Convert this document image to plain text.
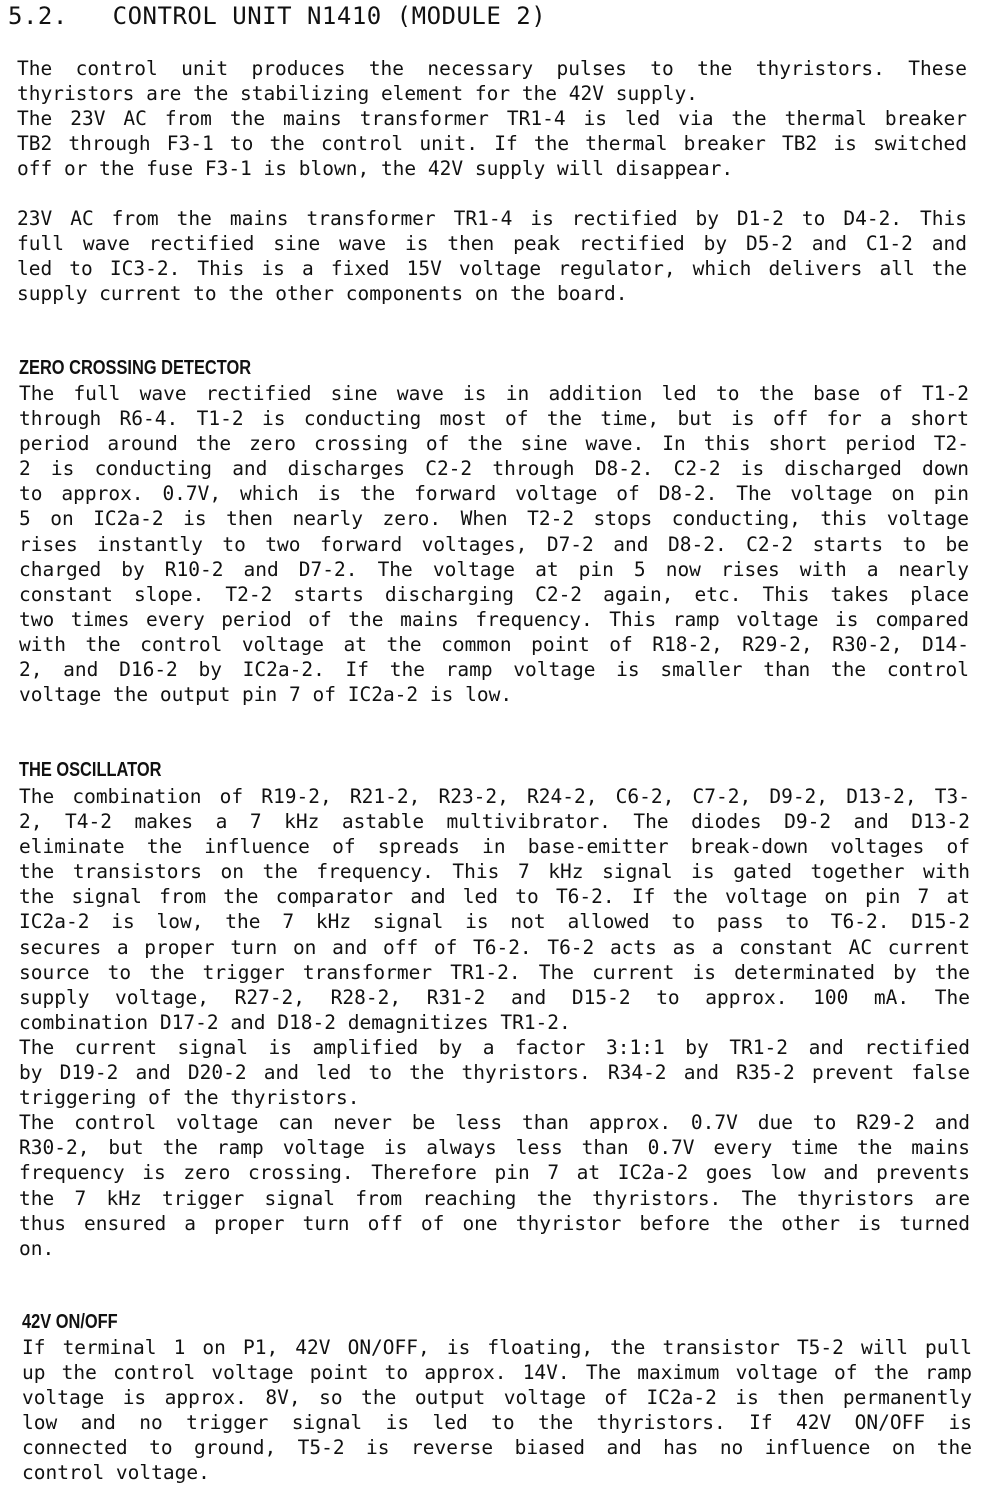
5.2.   CONTROL UNIT N1410 (MODULE 2)
The control unit produces the necessary pulses to the thyristors. These
thyristors are the stabilizing element for the 42V supply.
The 23V AC from the mains transformer TR1-4 is led via the thermal breaker
TB2 through F3-1 to the control unit. If the thermal breaker TB2 is switched
off or the fuse F3-1 is blown, the 42V supply will disappear.
23V AC from the mains transformer TR1-4 is rectified by D1-2 to D4-2. This
full wave rectified sine wave is then peak rectified by D5-2 and C1-2 and
led to IC3-2. This is a fixed 15V voltage regulator, which delivers all the
supply current to the other components on the board.
ZERO CROSSING DETECTOR
The full wave rectified sine wave is in addition led to the base of T1-2
through R6-4. T1-2 is conducting most of the time, but is off for a short
period around the zero crossing of the sine wave. In this short period T2-
2 is conducting and discharges C2-2 through D8-2. C2-2 is discharged down
to approx. 0.7V, which is the forward voltage of D8-2. The voltage on pin
5 on IC2a-2 is then nearly zero. When T2-2 stops conducting, this voltage
rises instantly to two forward voltages, D7-2 and D8-2. C2-2 starts to be
charged by R10-2 and D7-2. The voltage at pin 5 now rises with a nearly
constant slope. T2-2 starts discharging C2-2 again, etc. This takes place
two times every period of the mains frequency. This ramp voltage is compared
with the control voltage at the common point of R18-2, R29-2, R30-2, D14-
2, and D16-2 by IC2a-2. If the ramp voltage is smaller than the control
voltage the output pin 7 of IC2a-2 is low.
THE OSCILLATOR
The combination of R19-2, R21-2, R23-2, R24-2, C6-2, C7-2, D9-2, D13-2, T3-
2, T4-2 makes a 7 kHz astable multivibrator. The diodes D9-2 and D13-2
eliminate the influence of spreads in base-emitter break-down voltages of
the transistors on the frequency. This 7 kHz signal is gated together with
the signal from the comparator and led to T6-2. If the voltage on pin 7 at
IC2a-2 is low, the 7 kHz signal is not allowed to pass to T6-2. D15-2
secures a proper turn on and off of T6-2. T6-2 acts as a constant AC current
source to the trigger transformer TR1-2. The current is determinated by the
supply voltage, R27-2, R28-2, R31-2 and D15-2 to approx. 100 mA. The
combination D17-2 and D18-2 demagnitizes TR1-2.
The current signal is amplified by a factor 3:1:1 by TR1-2 and rectified
by D19-2 and D20-2 and led to the thyristors. R34-2 and R35-2 prevent false
triggering of the thyristors.
The control voltage can never be less than approx. 0.7V due to R29-2 and
R30-2, but the ramp voltage is always less than 0.7V every time the mains
frequency is zero crossing. Therefore pin 7 at IC2a-2 goes low and prevents
the 7 kHz trigger signal from reaching the thyristors. The thyristors are
thus ensured a proper turn off of one thyristor before the other is turned
on.
42V ON/OFF
If terminal 1 on P1, 42V ON/OFF, is floating, the transistor T5-2 will pull
up the control voltage point to approx. 14V. The maximum voltage of the ramp
voltage is approx. 8V, so the output voltage of IC2a-2 is then permanently
low and no trigger signal is led to the thyristors. If 42V ON/OFF is
connected to ground, T5-2 is reverse biased and has no influence on the
control voltage.
